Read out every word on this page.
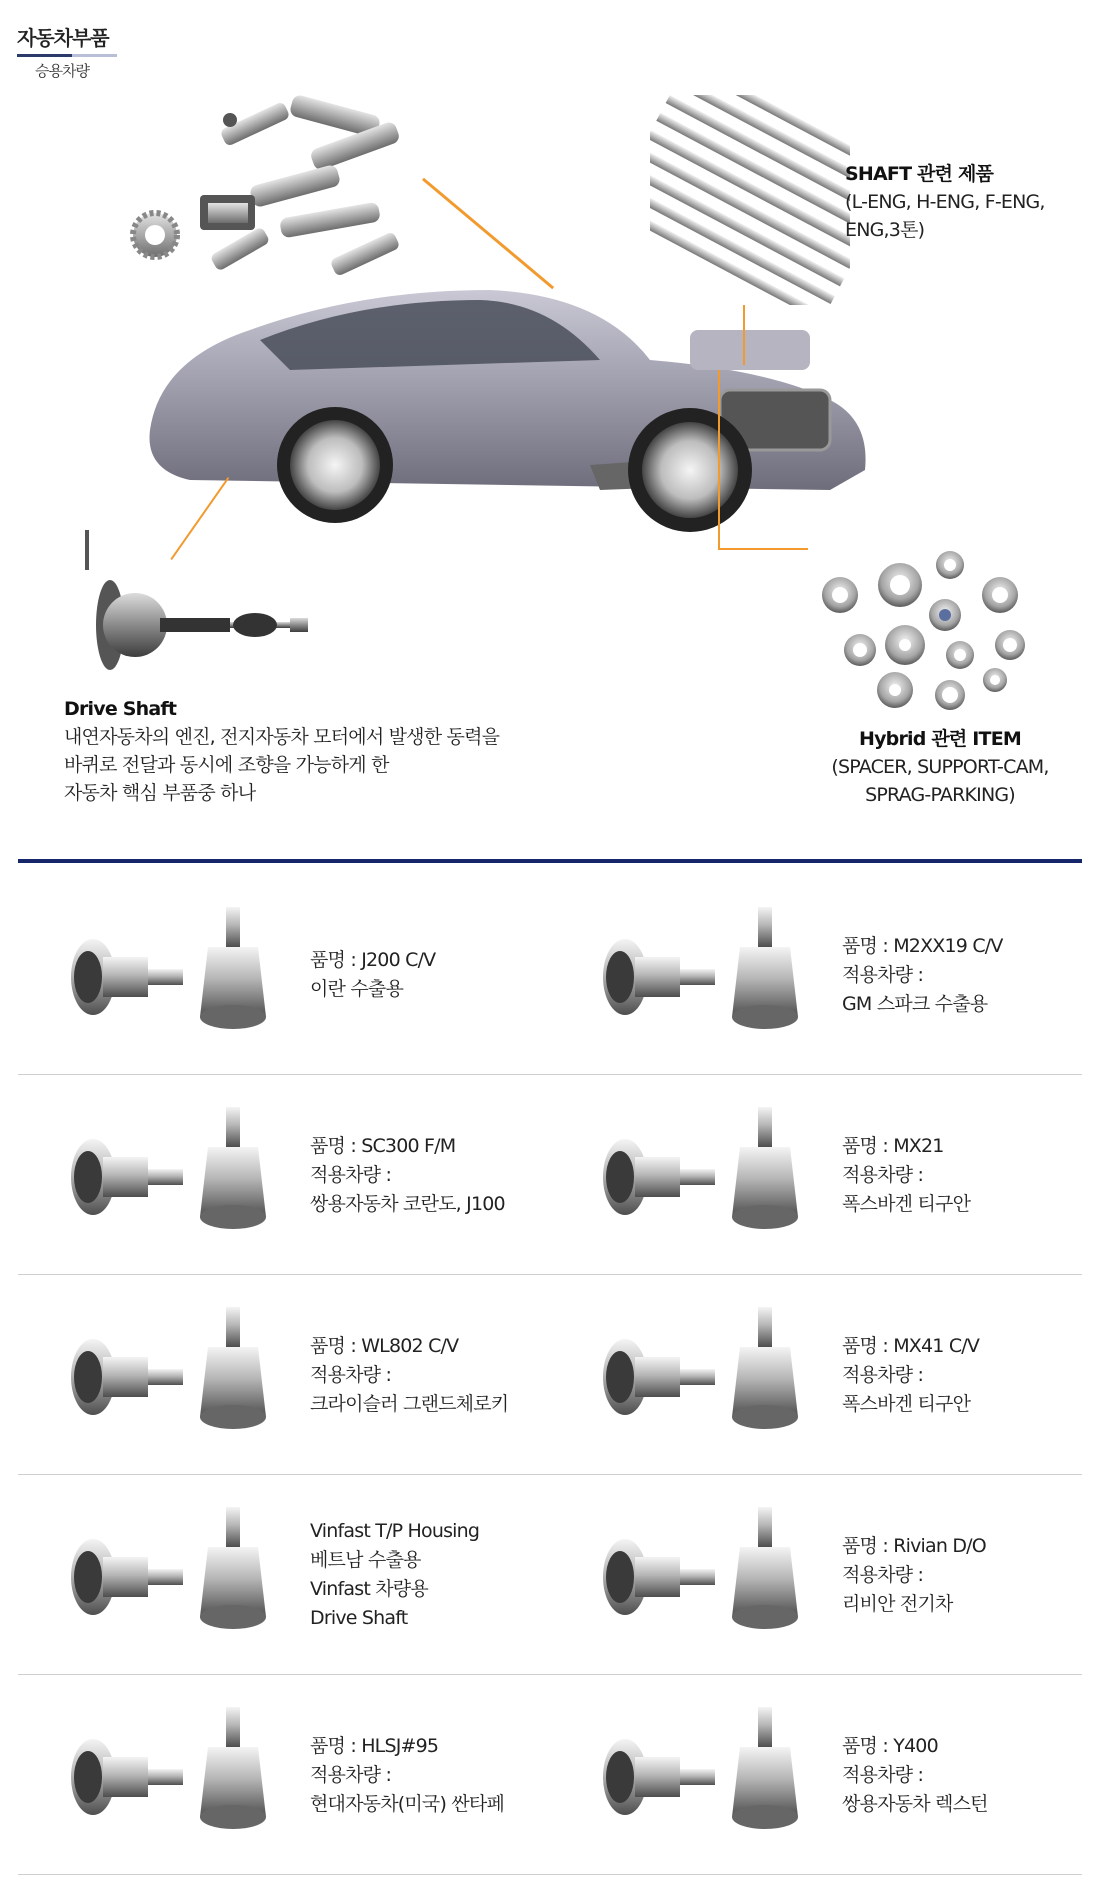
자동차부품
승용차량
SHAFT 관련 제품
(L-ENG, H-ENG, F-ENG,
ENG,3톤)
Drive Shaft
내연자동차의 엔진, 전지자동차 모터에서 발생한 동력을
바퀴로 전달과 동시에 조향을 가능하게 한
자동차 핵심 부품중 하나
Hybrid 관련 ITEM
(SPACER, SUPPORT-CAM,
SPRAG-PARKING)
품명 : J200 C/V
이란 수출용
품명 : M2XX19 C/V
적용차량 :
GM 스파크 수출용
품명 : SC300 F/M
적용차량 :
쌍용자동차 코란도, J100
품명 : MX21
적용차량 :
폭스바겐 티구안
품명 : WL802 C/V
적용차량 :
크라이슬러 그랜드체로키
품명 : MX41 C/V
적용차량 :
폭스바겐 티구안
Vinfast T/P Housing
베트남 수출용
Vinfast 차량용
Drive Shaft
품명 : Rivian D/O
적용차량 :
리비안 전기차
품명 : HLSJ#95
적용차량 :
현대자동차(미국) 싼타페
품명 : Y400
적용차량 :
쌍용자동차 렉스턴
